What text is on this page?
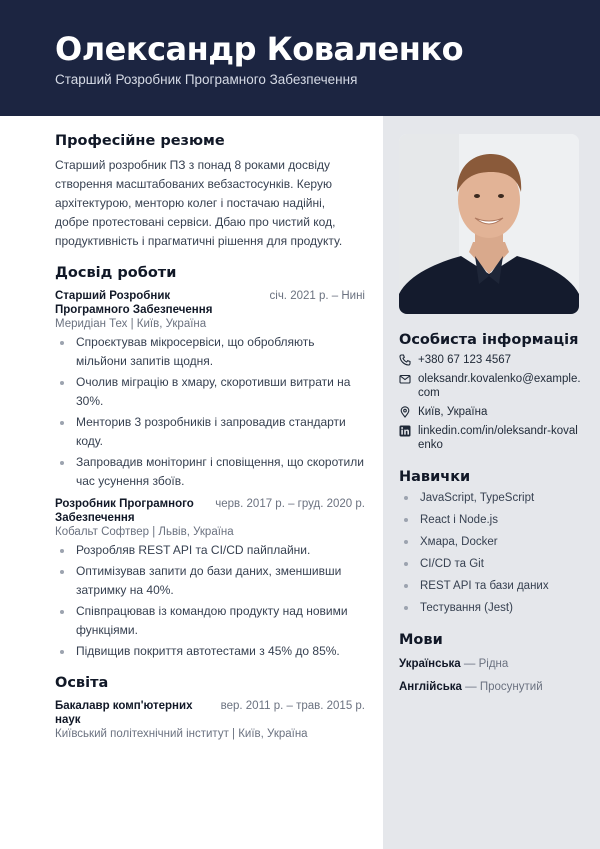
Олександр Коваленко
Старший Розробник Програмного Забезпечення
Професійне резюме

Старший розробник ПЗ з понад 8 роками досвіду створення масштабованих вебзастосунків. Керую архітектурою, менторю колег і постачаю надійні, добре протестовані сервіси. Дбаю про чистий код, продуктивність і прагматичні рішення для продукту.

Досвід роботи
Старший Розробник Програмного Забезпечення
січ. 2021 р. – Нині
Меридіан Тех | Київ, Україна
Спроєктував мікросервіси, що обробляють мільйони запитів щодня.
Очолив міграцію в хмару, скоротивши витрати на 30%.
Менторив 3 розробників і запровадив стандарти коду.
Запровадив моніторинг і сповіщення, що скоротили час усунення збоїв.
Розробник Програмного Забезпечення
черв. 2017 р. – груд. 2020 р.
Кобальт Софтвер | Львів, Україна
Розробляв REST API та CI/CD пайплайни.
Оптимізував запити до бази даних, зменшивши затримку на 40%.
Співпрацював із командою продукту над новими функціями.
Підвищив покриття автотестами з 45% до 85%.
Освіта
Бакалавр комп'ютерних наук
вер. 2011 р. – трав. 2015 р.
Київський політехнічний інститут | Київ, Україна
Особиста інформація
+380 67 123 4567
oleksandr.kovalenko@example.com
Київ, Україна
linkedin.com/in/oleksandr-kovalenko
Навички
JavaScript, TypeScript
React і Node.js
Хмара, Docker
CI/CD та Git
REST API та бази даних
Тестування (Jest)
Мови
Українська — Рідна
Англійська — Просунутий
